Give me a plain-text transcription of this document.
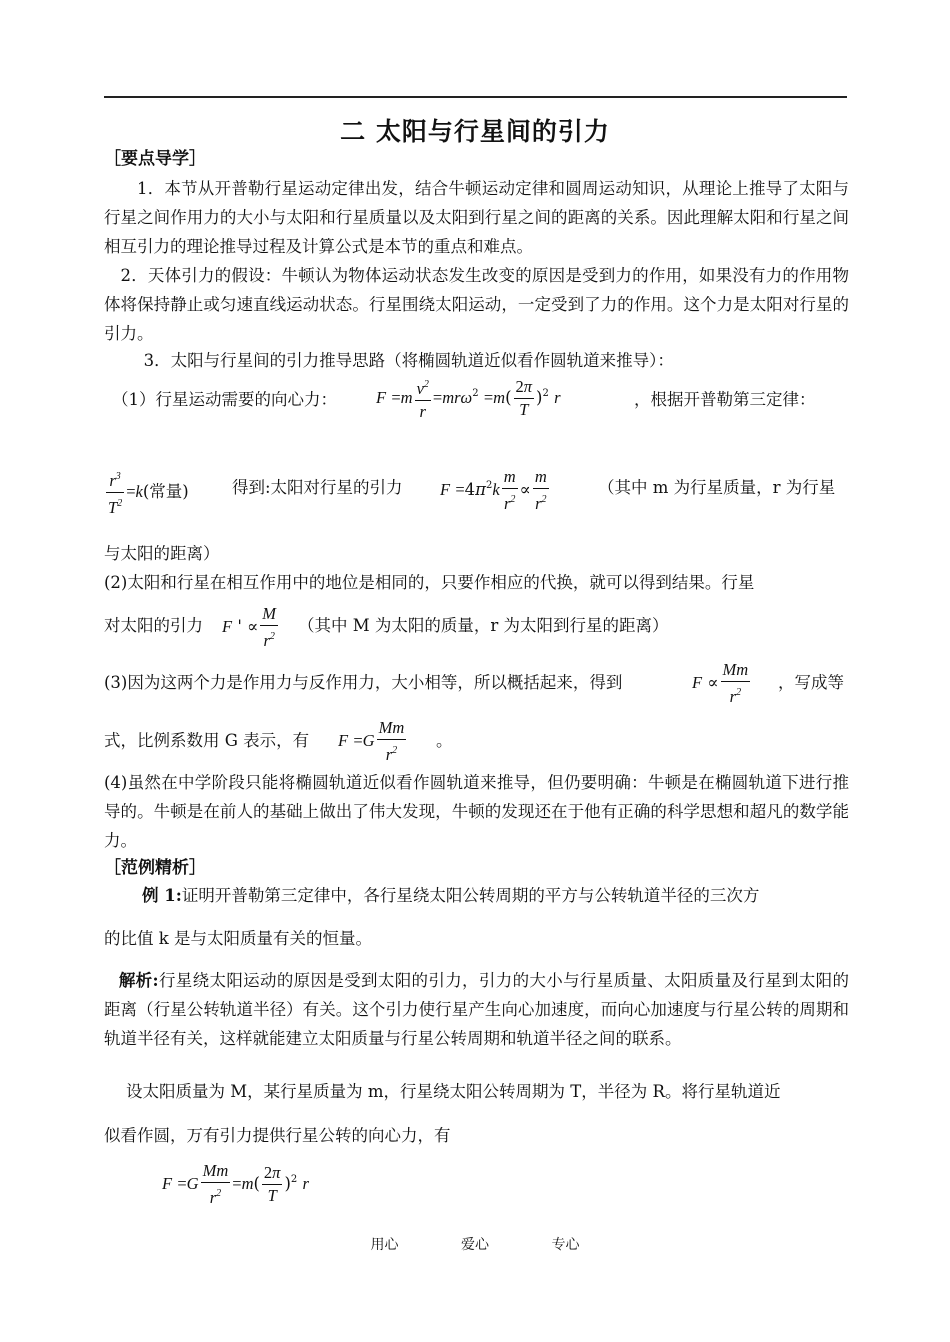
二 太阳与行星间的引力
［要点导学］
1．本节从开普勒行星运动定律出发，结合牛顿运动定律和圆周运动知识，从理论上推导了太阳与行星之间作用力的大小与太阳和行星质量以及太阳到行星之间的距离的关系。因此理解太阳和行星之间相互引力的理论推导过程及计算公式是本节的重点和难点。
2．天体引力的假设：牛顿认为物体运动状态发生改变的原因是受到力的作用，如果没有力的作用物体将保持静止或匀速直线运动状态。行星围绕太阳运动，一定受到了力的作用。这个力是太阳对行星的引力。
3．太阳与行星间的引力推导思路（将椭圆轨道近似看作圆轨道来推导）：
（1）行星运动需要的向心力： $F =m \frac{v^2}{r} =mr\omega^2 =m( \frac{2\pi}{T} )^2$ r	，根据开普勒第三定律：
$\frac{r^3}{T^2} =k$(常量)	得到:太阳对行星的引力 $F =4\pi^2k \frac{m}{r^2} \propto \frac{m}{r^2}$	（其中 m 为行星质量，r 为行星
与太阳的距离）
(2)太阳和行星在相互作用中的地位是相同的，只要作相应的代换，就可以得到结果。行星
对太阳的引力 F ' ∝ $\frac{M}{r^2}$ （其中 M 为太阳的质量，r 为太阳到行星的距离）
(3)因为这两个力是作用力与反作用力，大小相等，所以概括起来，得到	$F \propto \frac{Mm}{r^2}$ ，写成等
式，比例系数用 G 表示，有 $F =G \frac{Mm}{r^2}$ 。
(4)虽然在中学阶段只能将椭圆轨道近似看作圆轨道来推导，但仍要明确：牛顿是在椭圆轨道下进行推导的。牛顿是在前人的基础上做出了伟大发现，牛顿的发现还在于他有正确的科学思想和超凡的数学能力。
［范例精析］
例 1:证明开普勒第三定律中，各行星绕太阳公转周期的平方与公转轨道半径的三次方
的比值 k 是与太阳质量有关的恒量。
解析:行星绕太阳运动的原因是受到太阳的引力，引力的大小与行星质量、太阳质量及行星到太阳的距离（行星公转轨道半径）有关。这个引力使行星产生向心加速度，而向心加速度与行星公转的周期和轨道半径有关，这样就能建立太阳质量与行星公转周期和轨道半径之间的联系。
设太阳质量为 M，某行星质量为 m，行星绕太阳公转周期为 T，半径为 R。将行星轨道近
似看作圆，万有引力提供行星公转的向心力，有
$F =G \frac{Mm}{r^2} =m( \frac{2\pi}{T} )^2$ r
用心	爱心	专心
